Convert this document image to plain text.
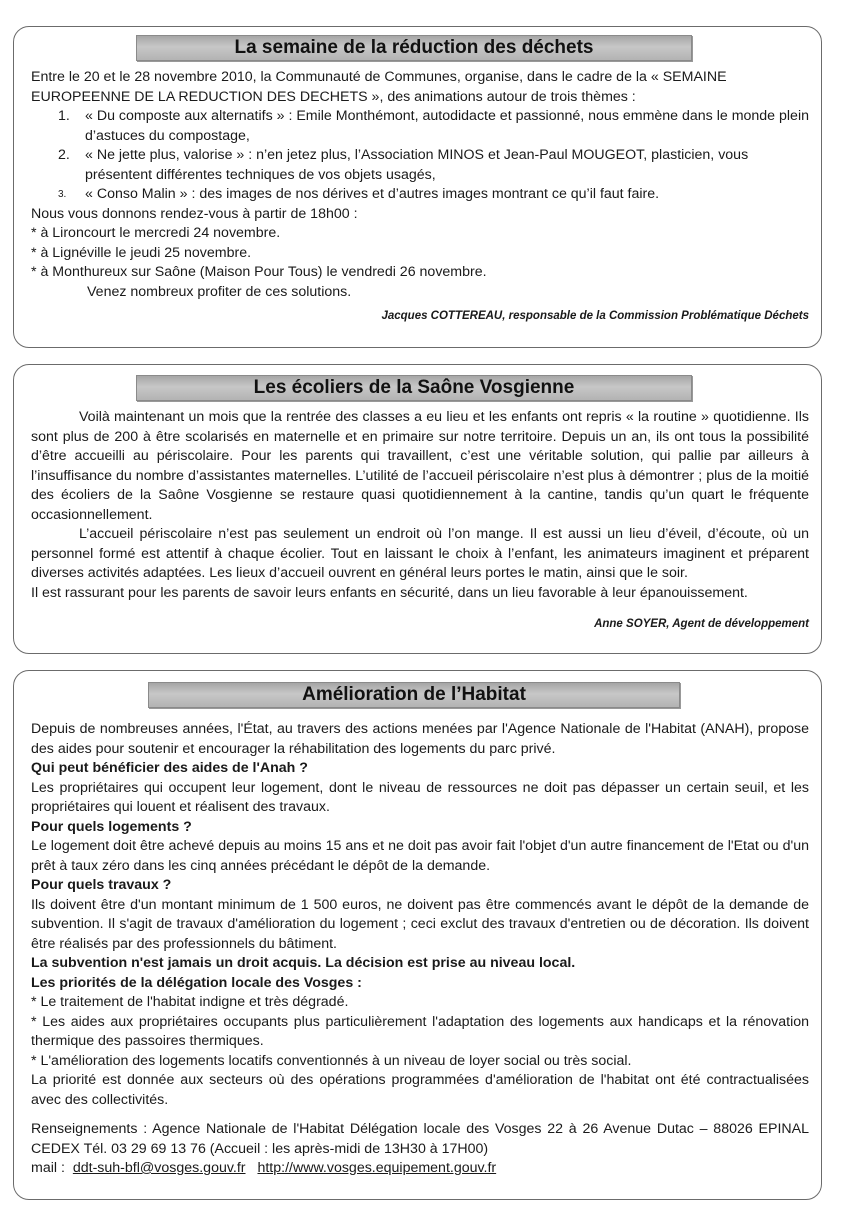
La semaine de la réduction des déchets

Entre le 20 et le 28 novembre 2010, la Communauté de Communes, organise, dans le cadre de la « SEMAINE EUROPEENNE DE LA REDUCTION DES DECHETS », des animations autour de trois thèmes :

1. « Du composte aux alternatifs » : Emile Monthémont, autodidacte et passionné, nous emmène dans le monde plein d’astuces du compostage,
2. « Ne jette plus, valorise » : n’en jetez plus, l’Association MINOS et Jean-Paul MOUGEOT, plasticien, vous présentent différentes techniques de vos objets usagés,
3. « Conso Malin » : des images de nos dérives et d’autres images montrant ce qu’il faut faire.

Nous vous donnons rendez-vous à partir de 18h00 :

* à Lironcourt le mercredi 24 novembre.

* à Lignéville le jeudi 25 novembre.

* à Monthureux sur Saône (Maison Pour Tous) le vendredi 26 novembre.

Venez nombreux profiter de ces solutions.

Jacques COTTEREAU, responsable de la Commission Problématique Déchets

Les écoliers de la Saône Vosgienne

Voilà maintenant un mois que la rentrée des classes a eu lieu et les enfants ont repris « la routine » quotidienne. Ils sont plus de 200 à être scolarisés en maternelle et en primaire sur notre territoire. Depuis un an, ils ont tous la possibilité d’être accueilli au périscolaire. Pour les parents qui travaillent, c’est une véritable solution, qui pallie par ailleurs à l’insuffisance du nombre d’assistantes maternelles. L’utilité de l’accueil périscolaire n’est plus à démontrer ; plus de la moitié des écoliers de la Saône Vosgienne se restaure quasi quotidiennement à la cantine, tandis qu’un quart le fréquente occasionnellement.

L’accueil périscolaire n’est pas seulement un endroit où l’on mange. Il est aussi un lieu d’éveil, d’écoute, où un personnel formé est attentif à chaque écolier. Tout en laissant le choix à l’enfant, les animateurs imaginent et préparent diverses activités adaptées. Les lieux d’accueil ouvrent en général leurs portes le matin, ainsi que le soir.

Il est rassurant pour les parents de savoir leurs enfants en sécurité, dans un lieu favorable à leur épanouissement.

Anne SOYER, Agent de développement

Amélioration de l’Habitat

Depuis de nombreuses années, l'État, au travers des actions menées par l'Agence Nationale de l'Habitat (ANAH), propose des aides pour soutenir et encourager la réhabilitation des logements du parc privé.

Qui peut bénéficier des aides de l'Anah ?

Les propriétaires qui occupent leur logement, dont le niveau de ressources ne doit pas dépasser un certain seuil, et les propriétaires qui louent et réalisent des travaux.

Pour quels logements ?

Le logement doit être achevé depuis au moins 15 ans et ne doit pas avoir fait l'objet d'un autre financement de l'Etat ou d'un prêt à taux zéro dans les cinq années précédant le dépôt de la demande.

Pour quels travaux ?

Ils doivent être d'un montant minimum de 1 500 euros, ne doivent pas être commencés avant le dépôt de la demande de subvention. Il s'agit de travaux d'amélioration du logement ; ceci exclut des travaux d'entretien ou de décoration. Ils doivent être réalisés par des professionnels du bâtiment.

La subvention n'est jamais un droit acquis. La décision est prise au niveau local.

Les priorités de la délégation locale des Vosges :

* Le traitement de l'habitat indigne et très dégradé.

* Les aides aux propriétaires occupants plus particulièrement l'adaptation des logements aux handicaps et la rénovation thermique des passoires thermiques.

* L'amélioration des logements locatifs conventionnés à un niveau de loyer social ou très social.

La priorité est donnée aux secteurs où des opérations programmées d'amélioration de l'habitat ont été contractualisées avec des collectivités.

Renseignements : Agence Nationale de l'Habitat Délégation locale des Vosges 22 à 26 Avenue Dutac – 88026 EPINAL CEDEX Tél. 03 29 69 13 76 (Accueil : les après-midi de 13H30 à 17H00)

mail : ddt-suh-bfl@vosges.gouv.fr http://www.vosges.equipement.gouv.fr
